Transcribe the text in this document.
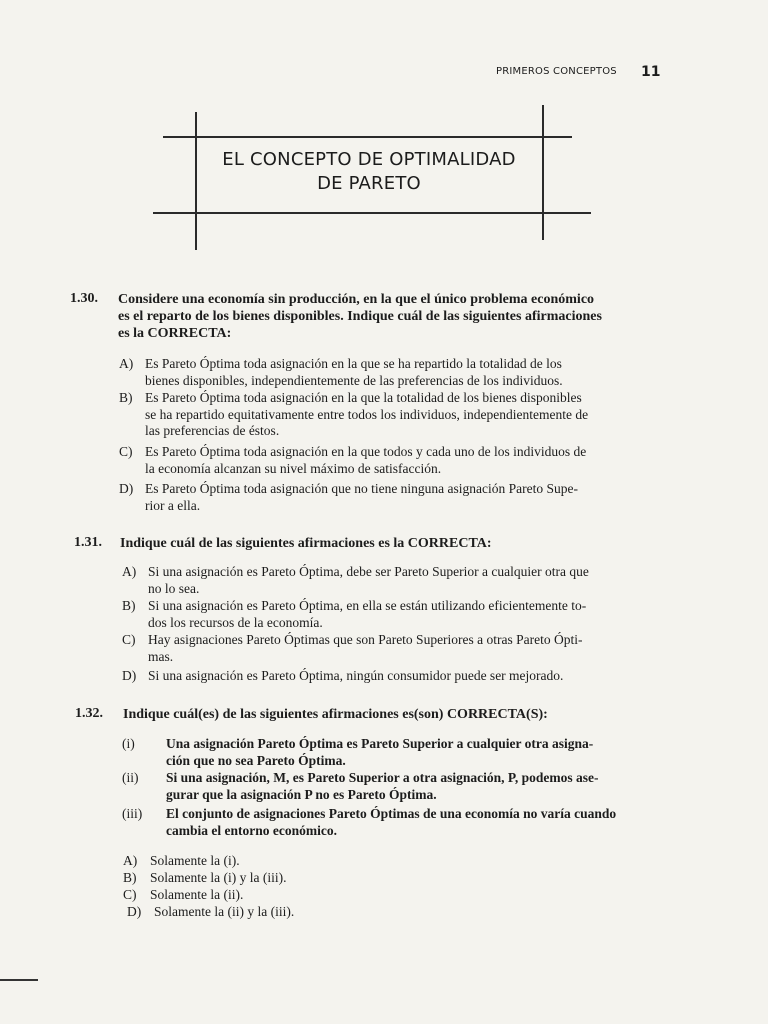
PRIMEROS CONCEPTOS 11
EL CONCEPTO DE OPTIMALIDAD
DE PARETO
1.30. Considere una economía sin producción, en la que el único problema económico
es el reparto de los bienes disponibles. Indique cuál de las siguientes afirmaciones
es la CORRECTA:
A) Es Pareto Óptima toda asignación en la que se ha repartido la totalidad de los
bienes disponibles, independientemente de las preferencias de los individuos.
B) Es Pareto Óptima toda asignación en la que la totalidad de los bienes disponibles
se ha repartido equitativamente entre todos los individuos, independientemente de
las preferencias de éstos.
C) Es Pareto Óptima toda asignación en la que todos y cada uno de los individuos de
la economía alcanzan su nivel máximo de satisfacción.
D) Es Pareto Óptima toda asignación que no tiene ninguna asignación Pareto Supe-
rior a ella.
1.31. Indique cuál de las siguientes afirmaciones es la CORRECTA:
A) Si una asignación es Pareto Óptima, debe ser Pareto Superior a cualquier otra que
no lo sea.
B) Si una asignación es Pareto Óptima, en ella se están utilizando eficientemente to-
dos los recursos de la economía.
C) Hay asignaciones Pareto Óptimas que son Pareto Superiores a otras Pareto Ópti-
mas.
D) Si una asignación es Pareto Óptima, ningún consumidor puede ser mejorado.
1.32. Indique cuál(es) de las siguientes afirmaciones es(son) CORRECTA(S):
(i) Una asignación Pareto Óptima es Pareto Superior a cualquier otra asigna-
ción que no sea Pareto Óptima.
(ii) Si una asignación, M, es Pareto Superior a otra asignación, P, podemos ase-
gurar que la asignación P no es Pareto Óptima.
(iii) El conjunto de asignaciones Pareto Óptimas de una economía no varía cuando
cambia el entorno económico.
A) Solamente la (i).
B) Solamente la (i) y la (iii).
C) Solamente la (ii).
D) Solamente la (ii) y la (iii).
